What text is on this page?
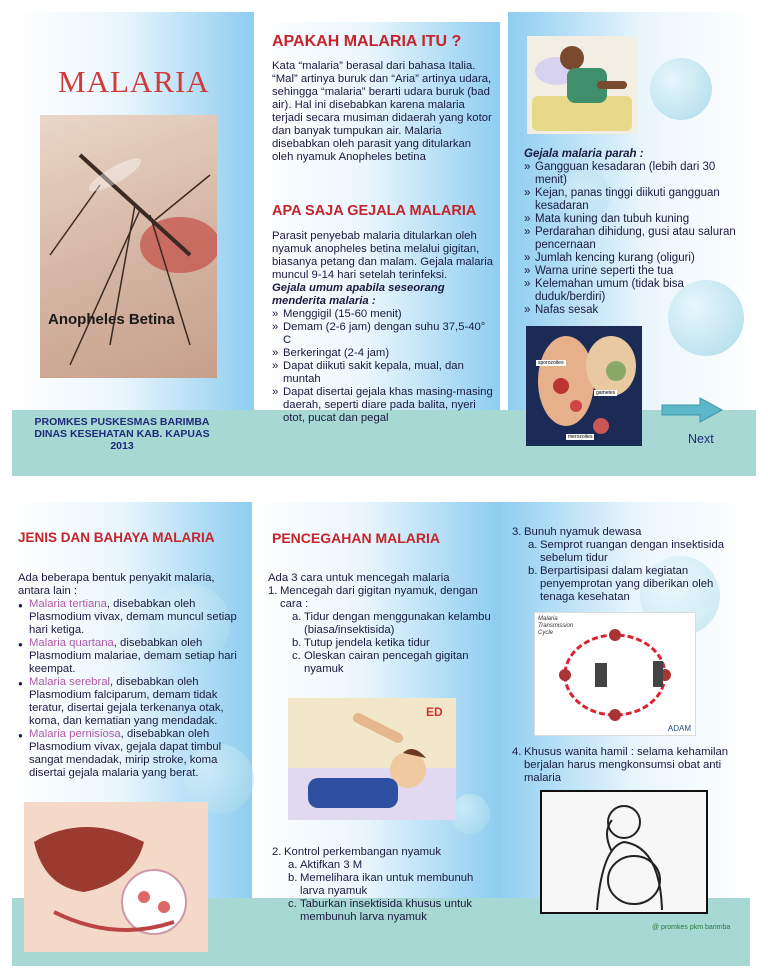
MALARIA
Anopheles Betina
PROMKES PUSKESMAS BARIMBA
DINAS KESEHATAN KAB. KAPUAS
2013
APAKAH MALARIA ITU ?
Kata “malaria” berasal dari bahasa Italia. “Mal” artinya buruk dan “Aria” artinya udara, sehingga “malaria” berarti udara buruk (bad air). Hal ini disebabkan karena malaria terjadi secara musiman didaerah yang kotor dan banyak tumpukan air. Malaria disebabkan oleh parasit yang ditularkan oleh nyamuk Anopheles betina
APA SAJA GEJALA MALARIA

Parasit penyebab malaria ditularkan oleh nyamuk anopheles betina melalui gigitan, biasanya petang dan malam. Gejala malaria muncul 9-14 hari setelah terinfeksi.

Gejala umum apabila seseorang menderita malaria :

» Menggigil (15-60 menit)
» Demam (2-6 jam) dengan suhu 37,5-40° C
» Berkeringat (2-4 jam)
» Dapat diikuti sakit kepala, mual, dan muntah
» Dapat disertai gejala khas masing-masing daerah, seperti diare pada balita, nyeri otot, pucat dan pegal

Gejala malaria parah :

» Gangguan kesadaran (lebih dari 30 menit)
» Kejan, panas tinggi diikuti gangguan kesadaran
» Mata kuning dan tubuh kuning
» Perdarahan dihidung, gusi atau saluran pencernaan
» Jumlah kencing kurang (oliguri)
» Warna urine seperti the tua
» Kelemahan umum (tidak bisa duduk/berdiri)
» Nafas sesak
sporozoites
gametes
merozoites	Next
JENIS DAN BAHAYA MALARIA

Ada beberapa bentuk penyakit malaria, antara lain :

● Malaria tertiana, disebabkan oleh Plasmodium vivax, demam muncul setiap hari ketiga.
● Malaria quartana, disebabkan oleh Plasmodium malariae, demam setiap hari keempat.
● Malaria serebral, disebabkan oleh Plasmodium falciparum, demam tidak teratur, disertai gejala terkenanya otak, koma, dan kematian yang mendadak.
● Malaria pernisiosa, disebabkan oleh Plasmodium vivax, gejala dapat timbul sangat mendadak, mirip stroke, koma disertai gejala malaria yang berat.
PENCEGAHAN MALARIA

Ada 3 cara untuk mencegah malaria

1. Mencegah dari gigitan nyamuk, dengan cara :
a. Tidur dengan menggunakan kelambu (biasa/insektisida)
b. Tutup jendela ketika tidur
c. Oleskan cairan pencegah gigitan nyamuk
ED
2. Kontrol perkembangan nyamuk
a. Aktifkan 3 M
b. Memelihara ikan untuk membunuh larva nyamuk
c. Taburkan insektisida khusus untuk membunuh larva nyamuk
3. Bunuh nyamuk dewasa
a. Semprot ruangan dengan insektisida sebelum tidur
b. Berpartisipasi dalam kegiatan penyemprotan yang diberikan oleh tenaga kesehatan
Malaria Transmission Cycle
ADAM
4. Khusus wanita hamil : selama kehamilan berjalan harus mengkonsumsi obat anti malaria
@ promkes pkm barimba
